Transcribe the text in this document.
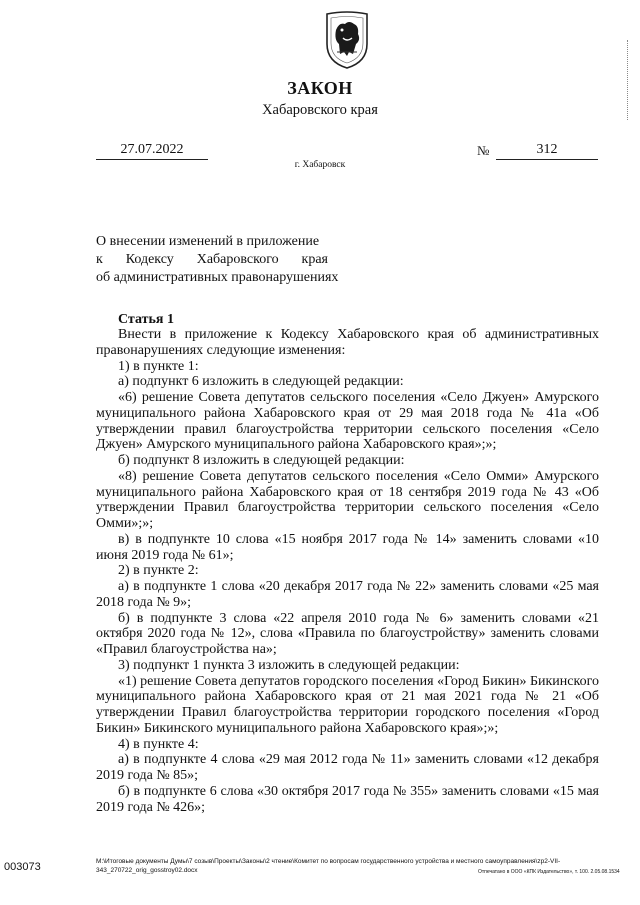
ЗАКОН
Хабаровского края
27.07.2022	№	312
г. Хабаровск
О внесении изменений в приложение
к Кодексу Хабаровского края
об административных правонарушениях
Статья 1

Внести в приложение к Кодексу Хабаровского края об административных правонарушениях следующие изменения:

1) в пункте 1:

а) подпункт 6 изложить в следующей редакции:

«6) решение Совета депутатов сельского поселения «Село Джуен» Амурского муниципального района Хабаровского края от 29 мая 2018 года № 41а «Об утверждении правил благоустройства территории сельского поселения «Село Джуен» Амурского муниципального района Хабаровского края»;»;

б) подпункт 8 изложить в следующей редакции:

«8) решение Совета депутатов сельского поселения «Село Омми» Амурского муниципального района Хабаровского края от 18 сентября 2019 года № 43 «Об утверждении Правил благоустройства территории сельского поселения «Село Омми»;»;

в) в подпункте 10 слова «15 ноября 2017 года № 14» заменить словами «10 июня 2019 года № 61»;

2) в пункте 2:

а) в подпункте 1 слова «20 декабря 2017 года № 22» заменить словами «25 мая 2018 года № 9»;

б) в подпункте 3 слова «22 апреля 2010 года № 6» заменить словами «21 октября 2020 года № 12», слова «Правила по благоустройству» заменить словами «Правил благоустройства на»;

3) подпункт 1 пункта 3 изложить в следующей редакции:

«1) решение Совета депутатов городского поселения «Город Бикин» Бикинского муниципального района Хабаровского края от 21 мая 2021 года № 21 «Об утверждении Правил благоустройства территории городского поселения «Город Бикин» Бикинского муниципального района Хабаровского края»;»;

4) в пункте 4:

а) в подпункте 4 слова «29 мая 2012 года № 11» заменить словами «12 декабря 2019 года № 85»;

б) в подпункте 6 слова «30 октября 2017 года № 355» заменить словами «15 мая 2019 года № 426»;

003073	M:\Итоговые документы Думы\7 созыв\Проекты\Законы\2 чтение\Комитет по вопросам государственного устройства и местного самоуправления\zp2-VII-343_270722_orig_gosstroy02.docx	Отпечатано в ООО «КПК Издательство», т. 100. 2.05.08.1534
